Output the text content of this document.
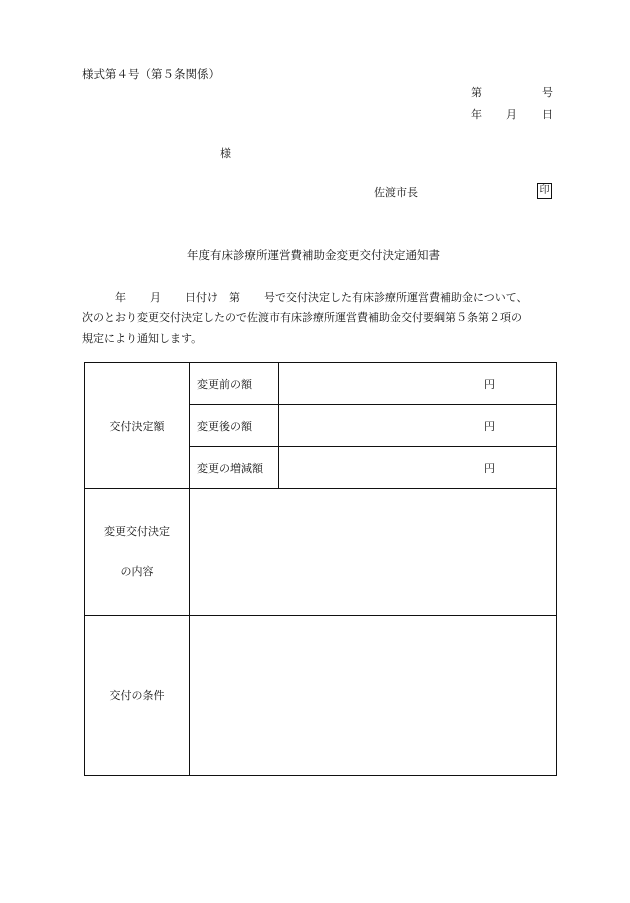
様式第４号（第５条関係）
第	号
年 月 日
様
佐渡市長	印
年度有床診療所運営費補助金変更交付決定通知書
年 月 日付け 第 号で交付決定した有床診療所運営費補助金について、
次のとおり変更交付決定したので佐渡市有床診療所運営費補助金交付要綱第５条第２項の
規定により通知します。
交付決定額	変更前の額	円
	変更後の額	円
	変更の増減額	円

変更交付決定
の内容		

交付の条件		
